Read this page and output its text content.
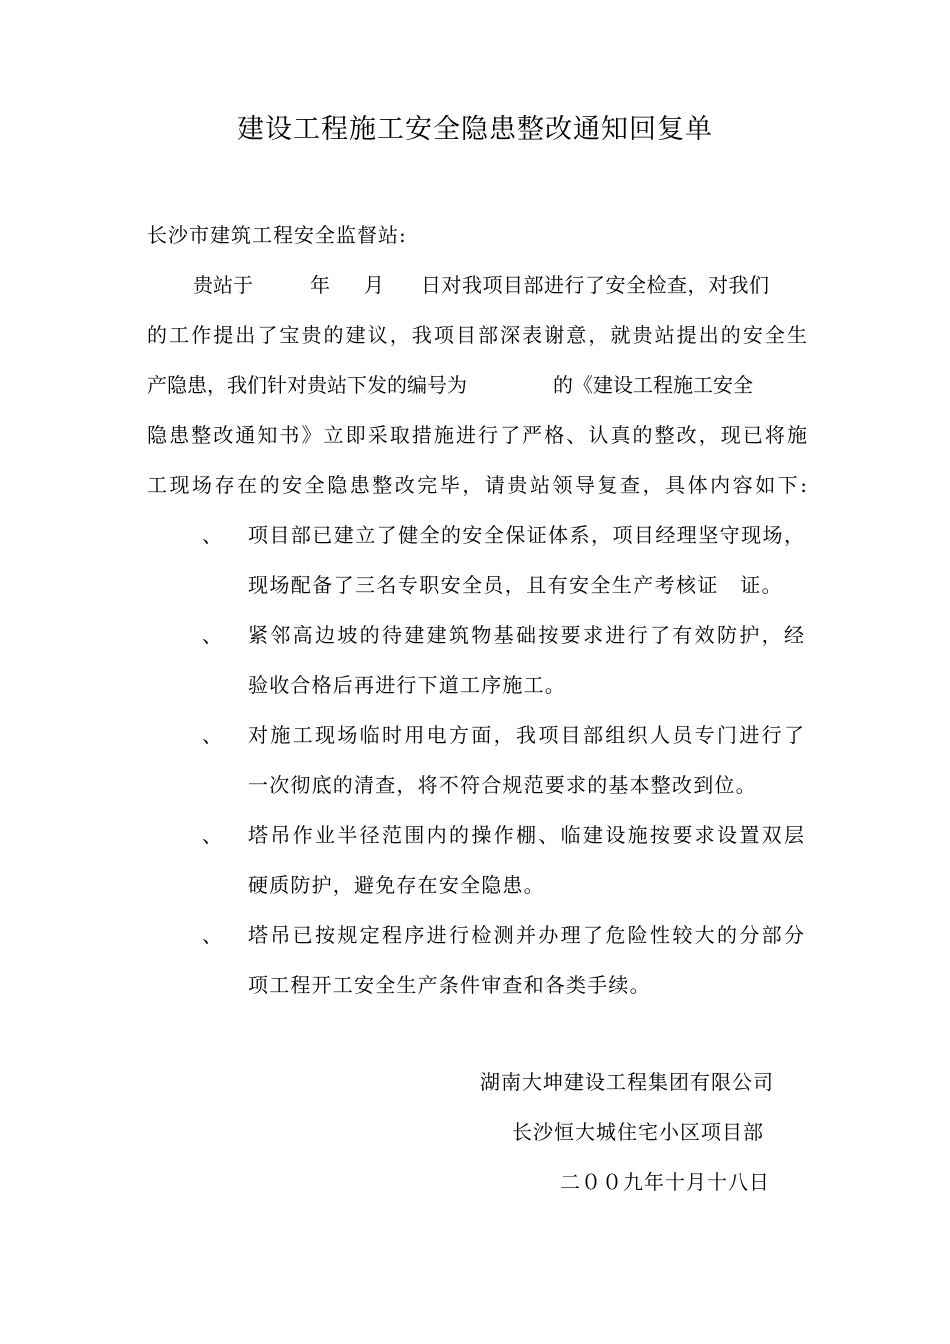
建设工程施工安全隐患整改通知回复单
长沙市建筑工程安全监督站:
贵站于	年 月 日对我项目部进行了安全检查，对我们
的工作提出了宝贵的建议，我项目部深表谢意，就贵站提出的安全生
产隐患，我们针对贵站下发的编号为	的《建设工程施工安全
隐患整改通知书》立即采取措施进行了严格、认真的整改，现已将施
工现场存在的安全隐患整改完毕，请贵站领导复查，具体内容如下:
、 项目部已建立了健全的安全保证体系，项目经理坚守现场，
现场配备了三名专职安全员，且有安全生产考核证　证。
、 紧邻高边坡的待建建筑物基础按要求进行了有效防护，经
验收合格后再进行下道工序施工。
、 对施工现场临时用电方面，我项目部组织人员专门进行了
一次彻底的清查，将不符合规范要求的基本整改到位。
、 塔吊作业半径范围内的操作棚、临建设施按要求设置双层
硬质防护，避免存在安全隐患。
、 塔吊已按规定程序进行检测并办理了危险性较大的分部分
项工程开工安全生产条件审查和各类手续。
湖南大坤建设工程集团有限公司
长沙恒大城住宅小区项目部
二００九年十月十八日
